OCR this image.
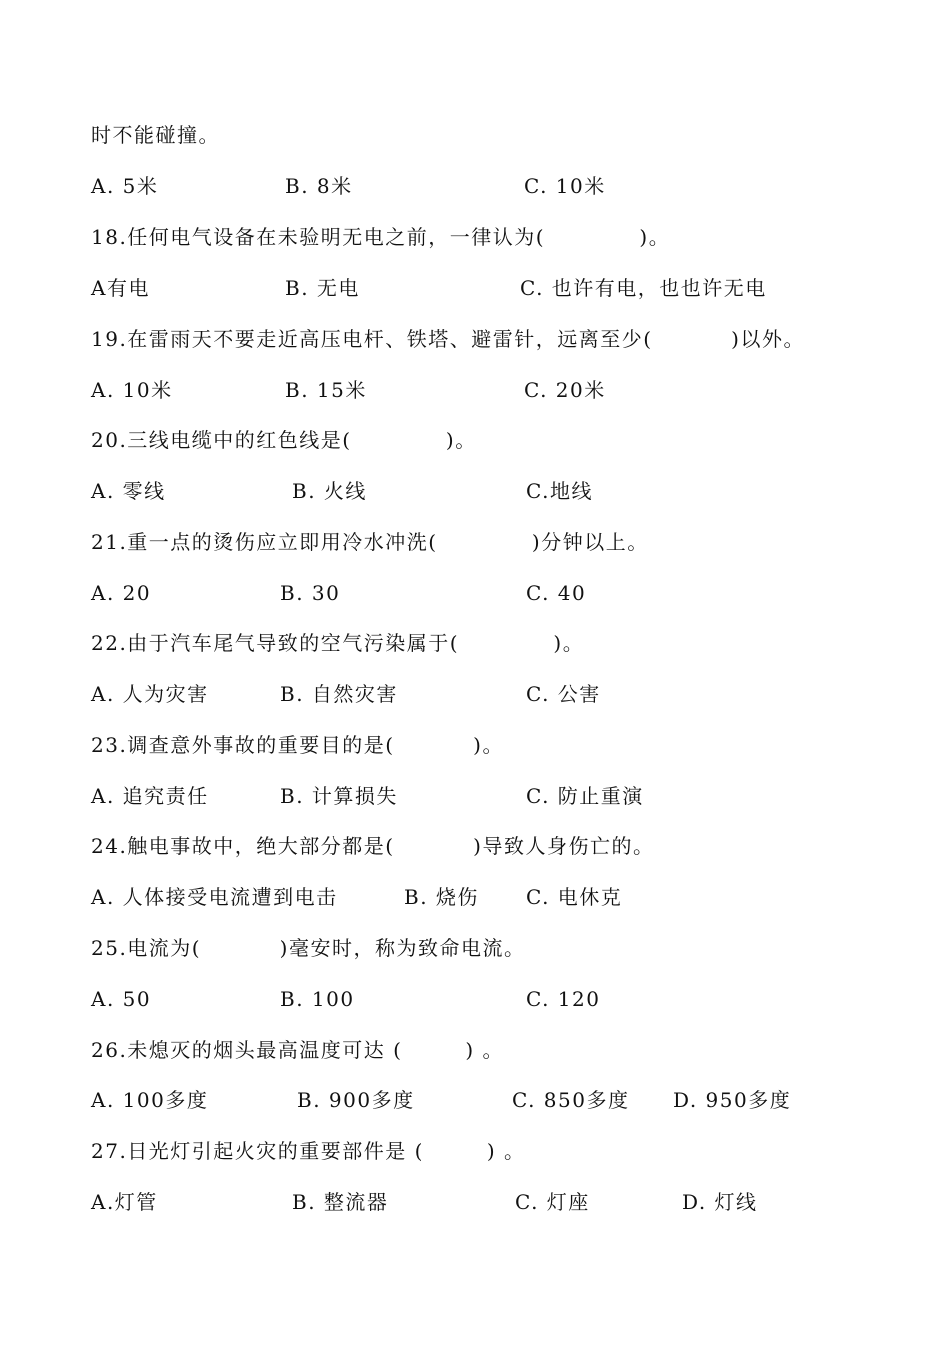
时不能碰撞。

A. 5米

	B. 8米

	C. 10米

18.任何电气设备在未验明无电之前，一律认为(            )。

A有电

	B. 无电

	C. 也许有电，也也许无电

19.在雷雨天不要走近高压电杆、铁塔、避雷针，远离至少(          )以外。

A. 10米

	B. 15米

	C. 20米

20.三线电缆中的红色线是(            )。

A. 零线

	B. 火线

	C.地线

21.重一点的烫伤应立即用冷水冲洗(            )分钟以上。

A. 20

	B. 30

	C. 40

22.由于汽车尾气导致的空气污染属于(            )。

A. 人为灾害

	B. 自然灾害

	C. 公害

23.调查意外事故的重要目的是(          )。

A. 追究责任

	B. 计算损失

	C. 防止重演

24.触电事故中，绝大部分都是(          )导致人身伤亡的。

A. 人体接受电流遭到电击

	B. 烧伤

C. 电休克

25.电流为(          )毫安时，称为致命电流。

A. 50

	B. 100

	C. 120

26.未熄灭的烟头最高温度可达 (        ) 。

A. 100多度

	B. 900多度

	C. 850多度

D. 950多度

27.日光灯引起火灾的重要部件是 (        ) 。

A.灯管

	B. 整流器

	C. 灯座

	D. 灯线
